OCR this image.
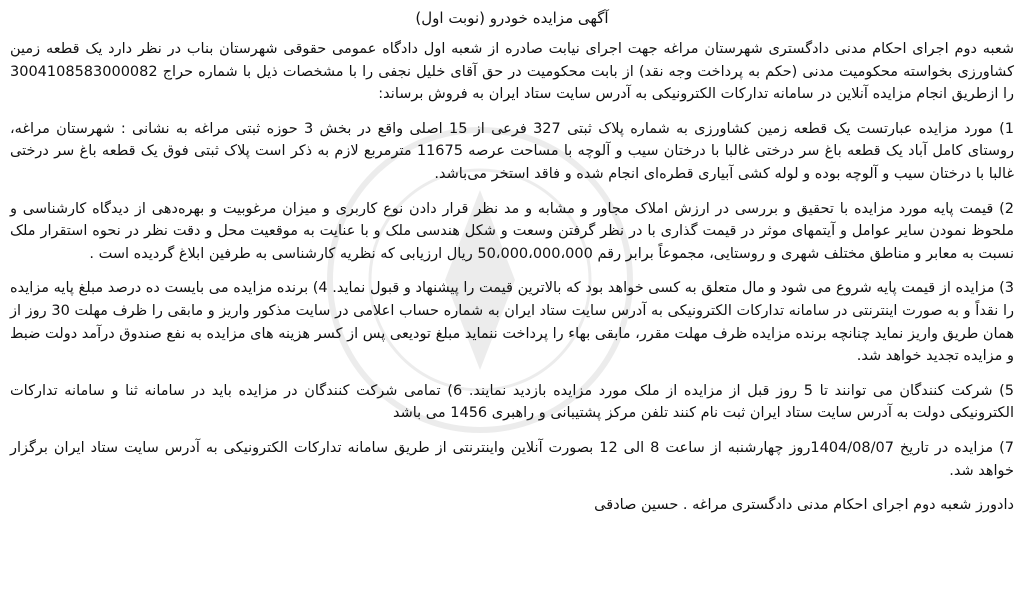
آگهی مزایده خودرو (نوبت اول)

شعبه دوم اجرای احکام مدنی دادگستری شهرستان مراغه جهت اجرای نیابت صادره از شعبه اول دادگاه عمومی حقوقی شهرستان بناب در نظر دارد یک قطعه زمین کشاورزی بخواسته محکومیت مدنی (حکم به پرداخت وجه نقد) از بابت محکومیت در حق آقای خلیل نجفی را با مشخصات ذیل با شماره حراج 3004108583000082 را ازطریق انجام مزایده آنلاین در سامانه تدارکات الکترونیکی به آدرس سایت ستاد ایران به فروش برساند:

1) مورد مزایده عبارتست یک قطعه زمین کشاورزی به شماره پلاک ثبتی 327 فرعی از 15 اصلی واقع در بخش 3 حوزه ثبتی مراغه به نشانی : شهرستان مراغه، روستای کامل آباد یک قطعه باغ سر درختی غالبا با درختان سیب و آلوچه با مساحت عرصه 11675 مترمربع لازم به ذکر است پلاک ثبتی فوق یک قطعه باغ سر درختی غالبا با درختان سیب و آلوچه بوده و لوله کشی آبیاری قطره‌ای انجام شده و فاقد استخر می‌باشد.

2) قیمت پایه مورد مزایده با تحقیق و بررسی در ارزش املاک مجاور و مشابه و مد نظر قرار دادن نوع کاربری و میزان مرغوبیت و بهره‌دهی از دیدگاه کارشناسی و ملحوظ نمودن سایر عوامل و آیتمهای موثر در قیمت گذاری با در نظر گرفتن وسعت و شکل هندسی ملک و با عنایت به موقعیت محل و دقت نظر در نحوه استقرار ملک نسبت به معابر و مناطق مختلف شهری و روستایی، مجموعاً برابر رقم 50،000،000،000 ریال ارزیابی که نظریه کارشناسی به طرفین ابلاغ گردیده است .

3) مزایده از قیمت پایه شروع می شود و مال متعلق به کسی خواهد بود که بالاترین قیمت را پیشنهاد و قبول نماید. 4) برنده مزایده می بایست ده درصد مبلغ پایه مزایده را نقداً و به صورت اینترنتی در سامانه تدارکات الکترونیکی به آدرس سایت ستاد ایران به شماره حساب اعلامی در سایت مذکور واریز و مابقی را ظرف مهلت 30 روز از همان طریق واریز نماید چنانچه برنده مزایده ظرف مهلت مقرر، مابقی بهاء را پرداخت ننماید مبلغ تودیعی پس از کسر هزینه های مزایده به نفع صندوق درآمد دولت ضبط و مزایده تجدید خواهد شد.

5) شرکت کنندگان می توانند تا 5 روز قبل از مزایده از ملک مورد مزایده بازدید نمایند. 6) تمامی شرکت کنندگان در مزایده باید در سامانه ثنا و سامانه تدارکات الکترونیکی دولت به آدرس سایت ستاد ایران ثبت نام کنند تلفن مرکز پشتیبانی و راهبری 1456 می باشد

7) مزایده در تاریخ 1404/08/07روز چهارشنبه از ساعت 8 الی 12 بصورت آنلاین واینترنتی از طریق سامانه تدارکات الکترونیکی به آدرس سایت ستاد ایران برگزار خواهد شد.

دادورز شعبه دوم اجرای احکام مدنی دادگستری مراغه . حسین صادقی
